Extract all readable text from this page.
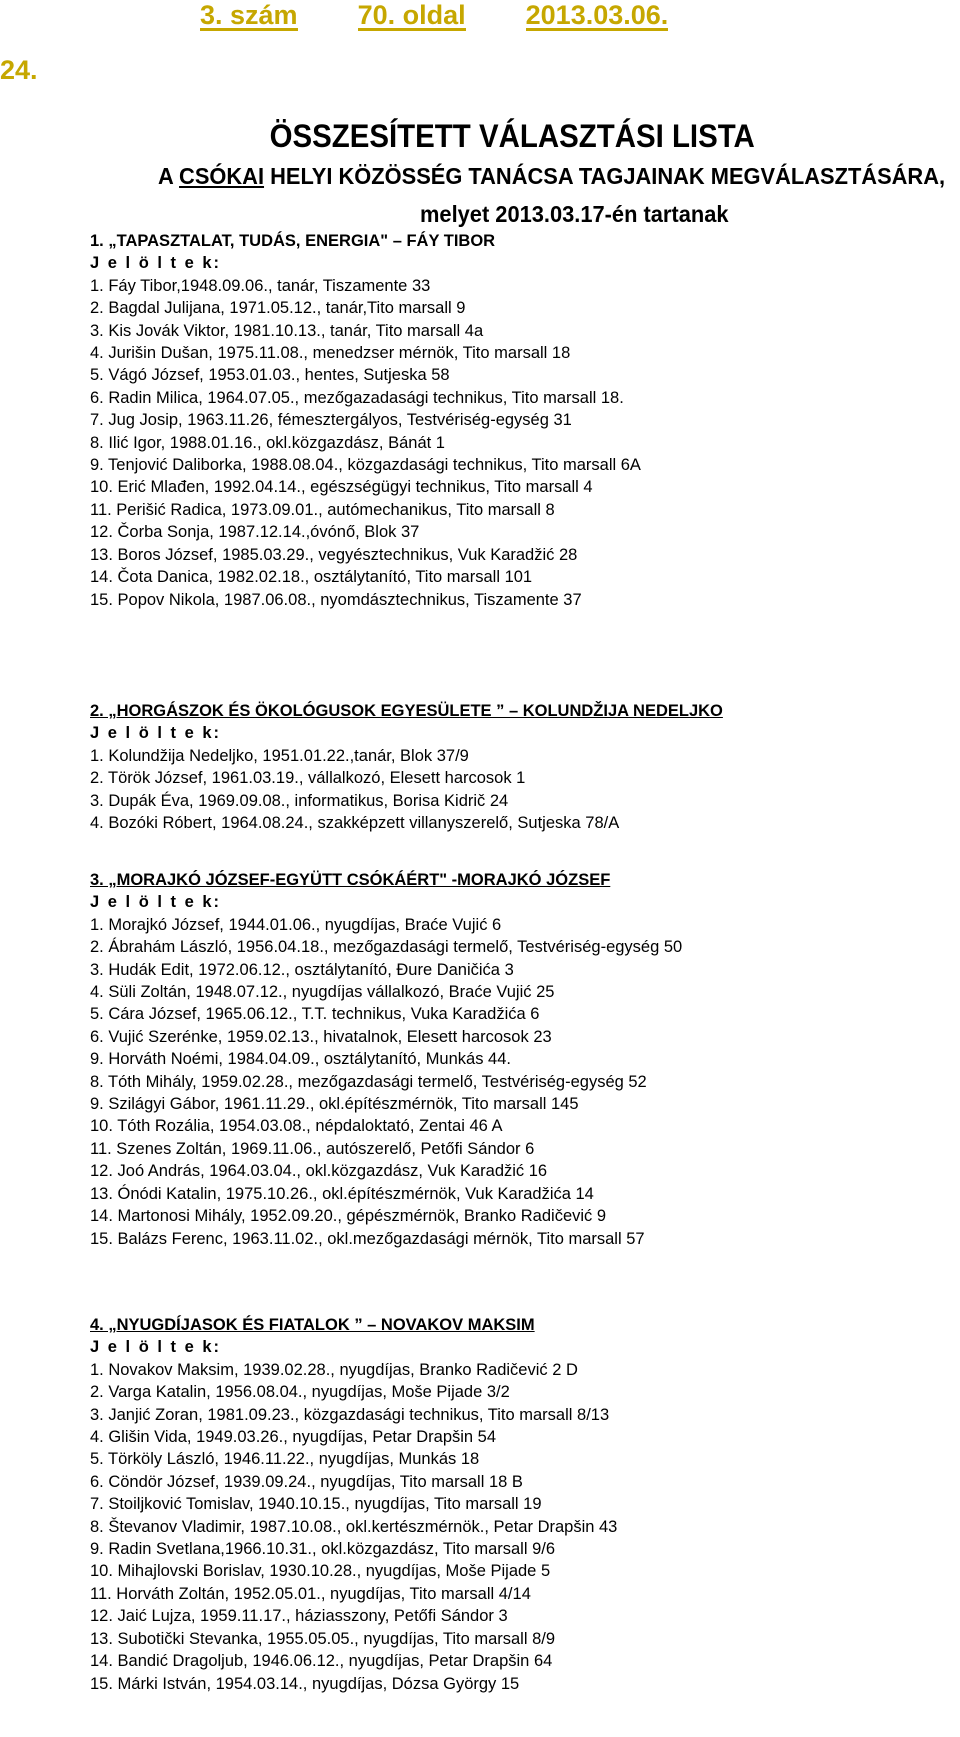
3. szám 70. oldal 2013.03.06.
24.
ÖSSZESÍTETT VÁLASZTÁSI LISTA
A CSÓKAI HELYI KÖZÖSSÉG TANÁCSA TAGJAINAK MEGVÁLASZTÁSÁRA,
melyet 2013.03.17-én tartanak
1. „TAPASZTALAT, TUDÁS, ENERGIA" – FÁY TIBOR
J e l ö l t e k:
1. Fáy Tibor,1948.09.06., tanár, Tiszamente 33
2. Bagdal Julijana, 1971.05.12., tanár,Tito marsall 9
3. Kis Jovák Viktor, 1981.10.13., tanár, Tito marsall 4a
4. Jurišin Dušan, 1975.11.08., menedzser mérnök, Tito marsall 18
5. Vágó József, 1953.01.03., hentes, Sutjeska 58
6. Radin Milica, 1964.07.05., mezőgazadasági technikus, Tito marsall 18.
7. Jug Josip, 1963.11.26, fémesztergályos, Testvériség-egység 31
8. Ilić Igor, 1988.01.16., okl.közgazdász, Bánát 1
9. Tenjović Daliborka, 1988.08.04., közgazdasági technikus, Tito marsall 6A
10. Erić Mlađen, 1992.04.14., egészségügyi technikus, Tito marsall 4
11. Perišić Radica, 1973.09.01., autómechanikus, Tito marsall 8
12. Čorba Sonja, 1987.12.14.,óvónő, Blok 37
13. Boros József, 1985.03.29., vegyésztechnikus, Vuk Karadžić 28
14. Čota Danica, 1982.02.18., osztálytanító, Tito marsall 101
15. Popov Nikola, 1987.06.08., nyomdásztechnikus, Tiszamente 37
2. „HORGÁSZOK ÉS ÖKOLÓGUSOK EGYESÜLETE ” – KOLUNDŽIJA NEDELJKO
J e l ö l t e k:
1. Kolundžija Nedeljko, 1951.01.22.,tanár, Blok 37/9
2. Török József, 1961.03.19., vállalkozó, Elesett harcosok 1
3. Dupák Éva, 1969.09.08., informatikus, Borisa Kidrič 24
4. Bozóki Róbert, 1964.08.24., szakképzett villanyszerelő, Sutjeska 78/A
3. „MORAJKÓ JÓZSEF-EGYÜTT CSÓKÁÉRT" -MORAJKÓ JÓZSEF
J e l ö l t e k:
1. Morajkó József, 1944.01.06., nyugdíjas, Braće Vujić 6
2. Ábrahám László, 1956.04.18., mezőgazdasági termelő, Testvériség-egység 50
3. Hudák Edit, 1972.06.12., osztálytanító, Đure Daničića 3
4. Süli Zoltán, 1948.07.12., nyugdíjas vállalkozó, Braće Vujić 25
5. Cára József, 1965.06.12., T.T. technikus, Vuka Karadžića 6
6. Vujić Szerénke, 1959.02.13., hivatalnok, Elesett harcosok 23
9. Horváth Noémi, 1984.04.09., osztálytanító, Munkás 44.
8. Tóth Mihály, 1959.02.28., mezőgazdasági termelő, Testvériség-egység 52
9. Szilágyi Gábor, 1961.11.29., okl.építészmérnök, Tito marsall 145
10. Tóth Rozália, 1954.03.08., népdaloktató, Zentai 46 A
11. Szenes Zoltán, 1969.11.06., autószerelő, Petőfi Sándor 6
12. Joó András, 1964.03.04., okl.közgazdász, Vuk Karadžić 16
13. Ónódi Katalin, 1975.10.26., okl.építészmérnök, Vuk Karadžića 14
14. Martonosi Mihály, 1952.09.20., gépészmérnök, Branko Radičević 9
15. Balázs Ferenc, 1963.11.02., okl.mezőgazdasági mérnök, Tito marsall 57
4. „NYUGDÍJASOK ÉS FIATALOK ” – NOVAKOV MAKSIM
J e l ö l t e k:
1. Novakov Maksim, 1939.02.28., nyugdíjas, Branko Radičević 2 D
2. Varga Katalin, 1956.08.04., nyugdíjas, Moše Pijade 3/2
3. Janjić Zoran, 1981.09.23., közgazdasági technikus, Tito marsall 8/13
4. Glišin Vida, 1949.03.26., nyugdíjas, Petar Drapšin 54
5. Törköly László, 1946.11.22., nyugdíjas, Munkás 18
6. Cöndör József, 1939.09.24., nyugdíjas, Tito marsall 18 B
7. Stoiljković Tomislav, 1940.10.15., nyugdíjas, Tito marsall 19
8. Števanov Vladimir, 1987.10.08., okl.kertészmérnök., Petar Drapšin 43
9. Radin Svetlana,1966.10.31., okl.közgazdász, Tito marsall 9/6
10. Mihajlovski Borislav, 1930.10.28., nyugdíjas, Moše Pijade 5
11. Horváth Zoltán, 1952.05.01., nyugdíjas, Tito marsall 4/14
12. Jaić Lujza, 1959.11.17., háziasszony, Petőfi Sándor 3
13. Subotički Stevanka, 1955.05.05., nyugdíjas, Tito marsall 8/9
14. Bandić Dragoljub, 1946.06.12., nyugdíjas, Petar Drapšin 64
15. Márki István, 1954.03.14., nyugdíjas, Dózsa György 15
